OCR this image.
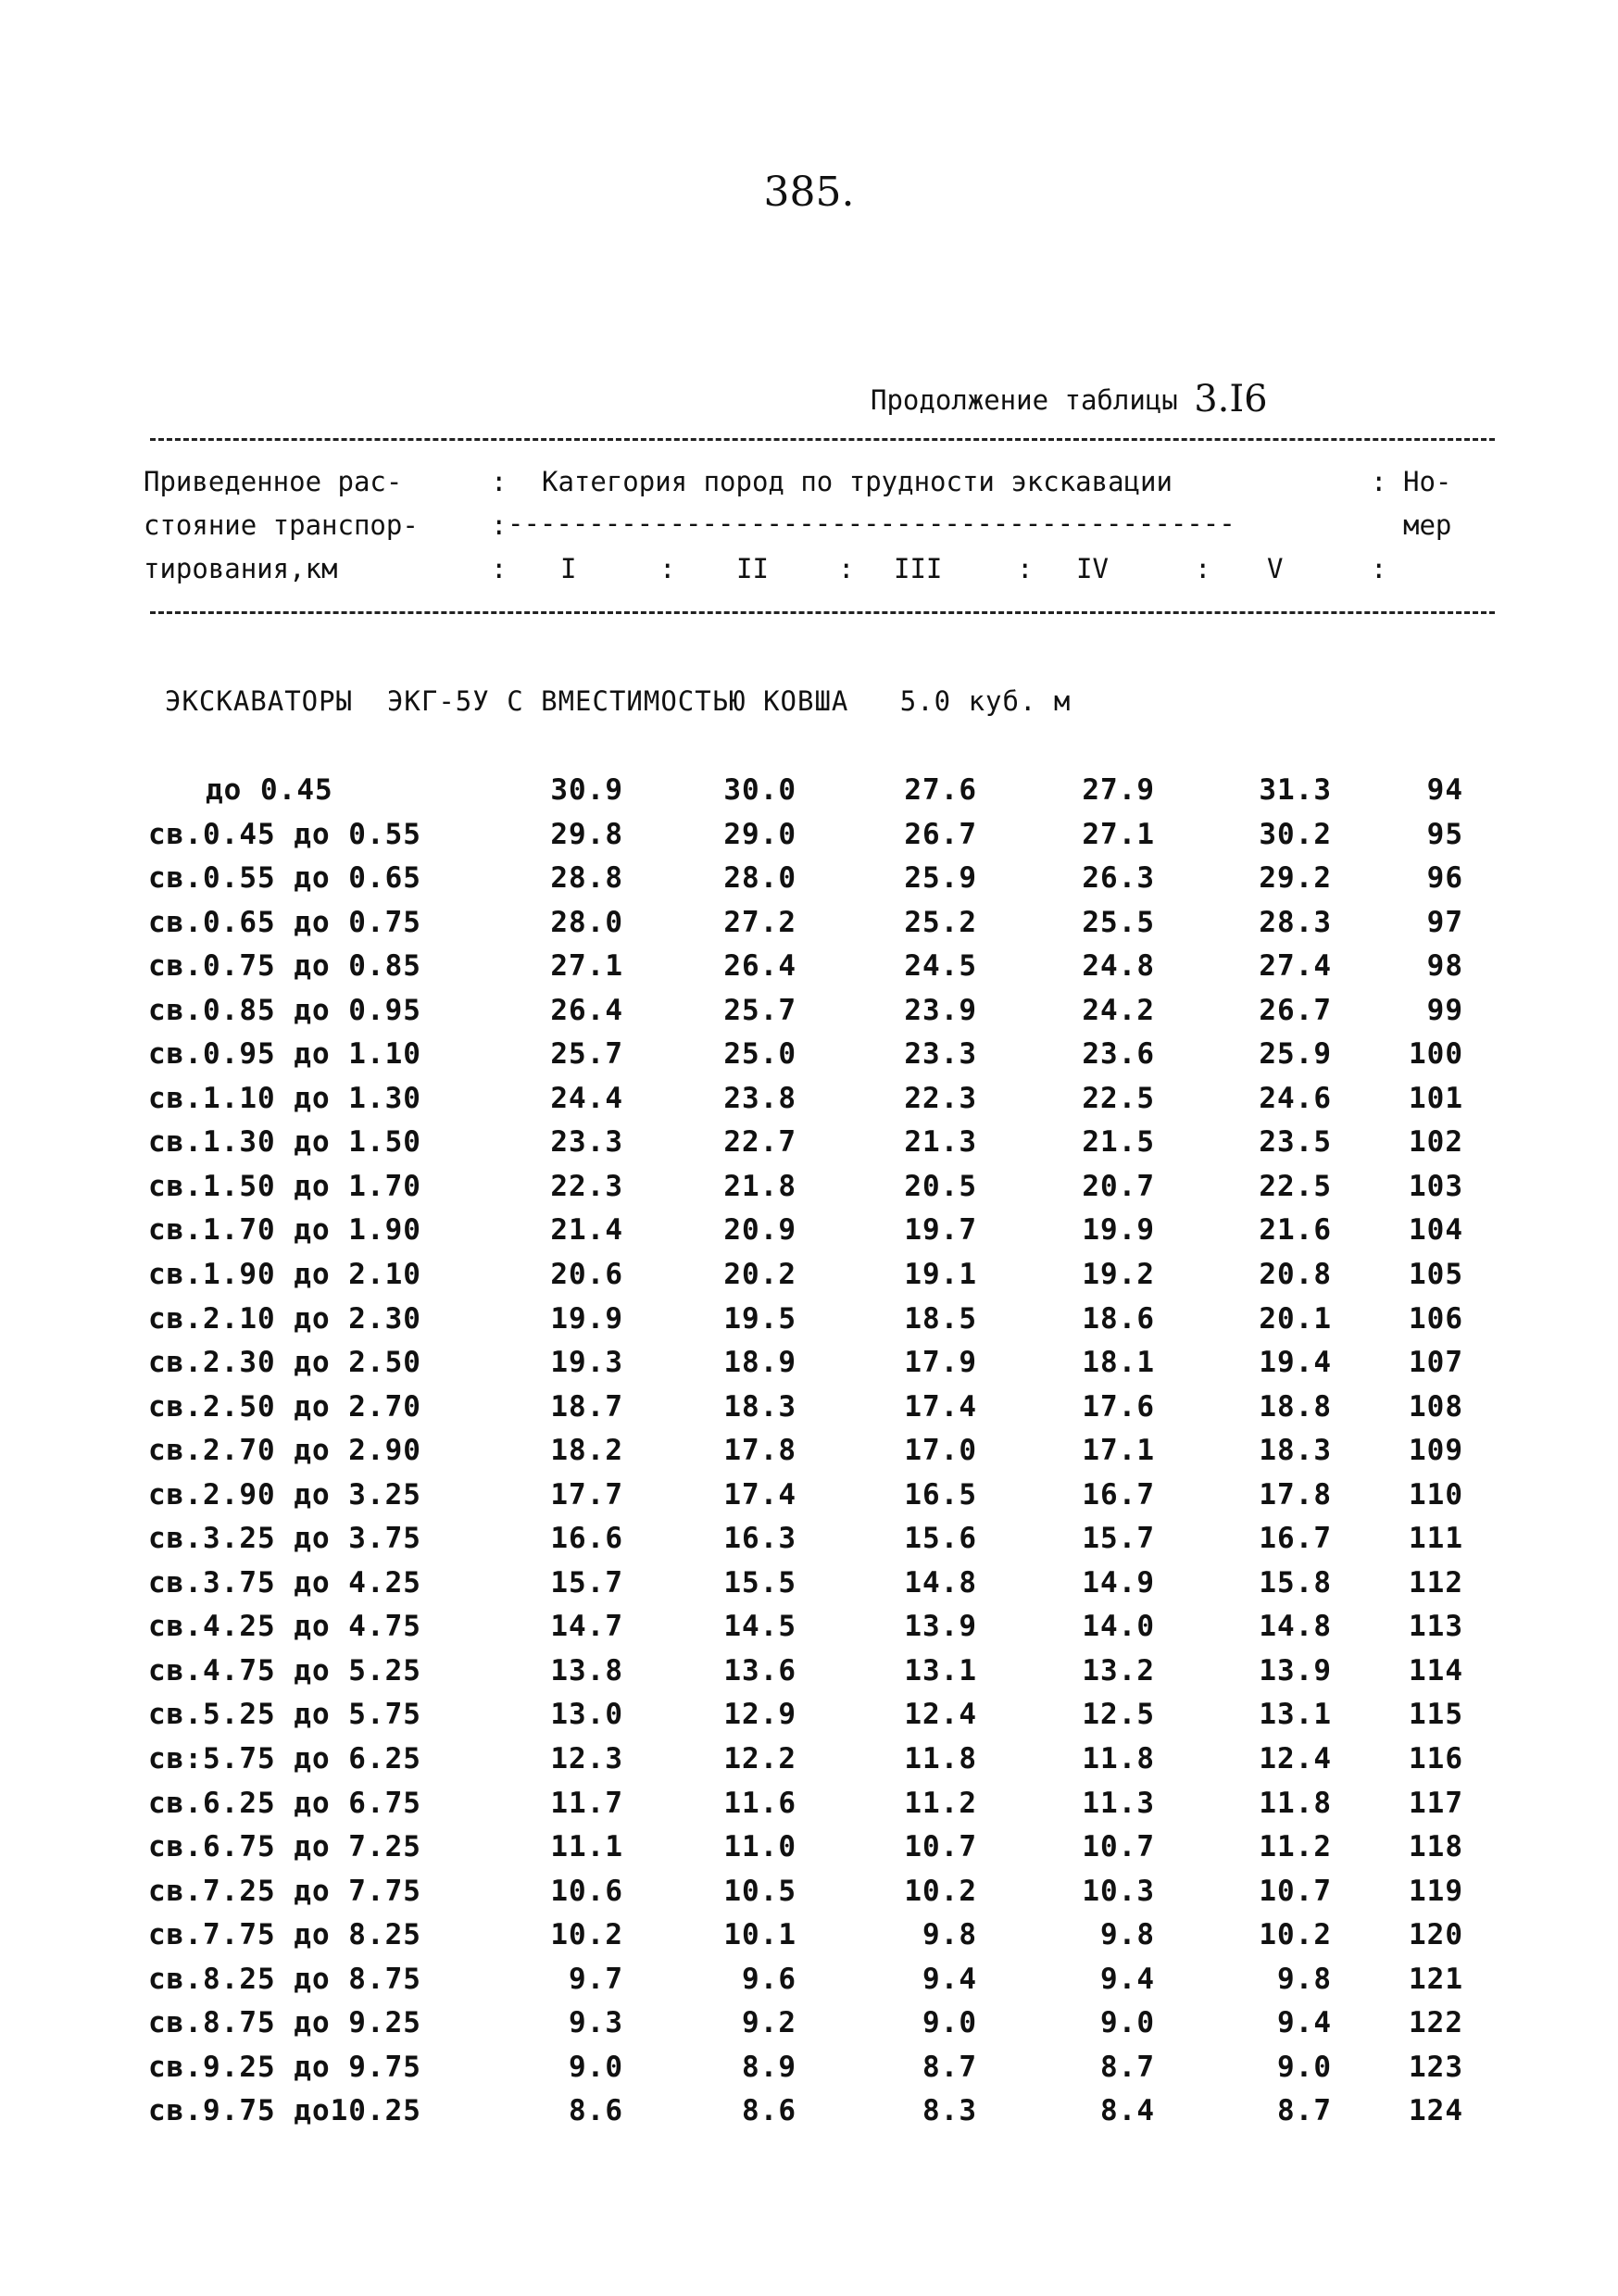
385.
Продолжение таблицы 3.I6
Приведенное рас-
стояние транспор-
тирования,км
:
:
:
Категория пород по трудности экскавации
---------------------------------------------
: Но-
мер
I	: II	: III	: IV	: V	:
ЭКСКАВАТОРЫ  ЭКГ-5У С ВМЕСТИМОСТЬЮ КОВША   5.0 куб. м
до 0.45	30.9	30.0	27.6	27.9	31.3	94
св.0.45 до 0.55	29.8	29.0	26.7	27.1	30.2	95
св.0.55 до 0.65	28.8	28.0	25.9	26.3	29.2	96
св.0.65 до 0.75	28.0	27.2	25.2	25.5	28.3	97
св.0.75 до 0.85	27.1	26.4	24.5	24.8	27.4	98
св.0.85 до 0.95	26.4	25.7	23.9	24.2	26.7	99
св.0.95 до 1.10	25.7	25.0	23.3	23.6	25.9	100
св.1.10 до 1.30	24.4	23.8	22.3	22.5	24.6	101
св.1.30 до 1.50	23.3	22.7	21.3	21.5	23.5	102
св.1.50 до 1.70	22.3	21.8	20.5	20.7	22.5	103
св.1.70 до 1.90	21.4	20.9	19.7	19.9	21.6	104
св.1.90 до 2.10	20.6	20.2	19.1	19.2	20.8	105
св.2.10 до 2.30	19.9	19.5	18.5	18.6	20.1	106
св.2.30 до 2.50	19.3	18.9	17.9	18.1	19.4	107
св.2.50 до 2.70	18.7	18.3	17.4	17.6	18.8	108
св.2.70 до 2.90	18.2	17.8	17.0	17.1	18.3	109
св.2.90 до 3.25	17.7	17.4	16.5	16.7	17.8	110
св.3.25 до 3.75	16.6	16.3	15.6	15.7	16.7	111
св.3.75 до 4.25	15.7	15.5	14.8	14.9	15.8	112
св.4.25 до 4.75	14.7	14.5	13.9	14.0	14.8	113
св.4.75 до 5.25	13.8	13.6	13.1	13.2	13.9	114
св.5.25 до 5.75	13.0	12.9	12.4	12.5	13.1	115
св:5.75 до 6.25	12.3	12.2	11.8	11.8	12.4	116
св.6.25 до 6.75	11.7	11.6	11.2	11.3	11.8	117
св.6.75 до 7.25	11.1	11.0	10.7	10.7	11.2	118
св.7.25 до 7.75	10.6	10.5	10.2	10.3	10.7	119
св.7.75 до 8.25	10.2	10.1	9.8	9.8	10.2	120
св.8.25 до 8.75	9.7	9.6	9.4	9.4	9.8	121
св.8.75 до 9.25	9.3	9.2	9.0	9.0	9.4	122
св.9.25 до 9.75	9.0	8.9	8.7	8.7	9.0	123
св.9.75 до10.25	8.6	8.6	8.3	8.4	8.7	124
